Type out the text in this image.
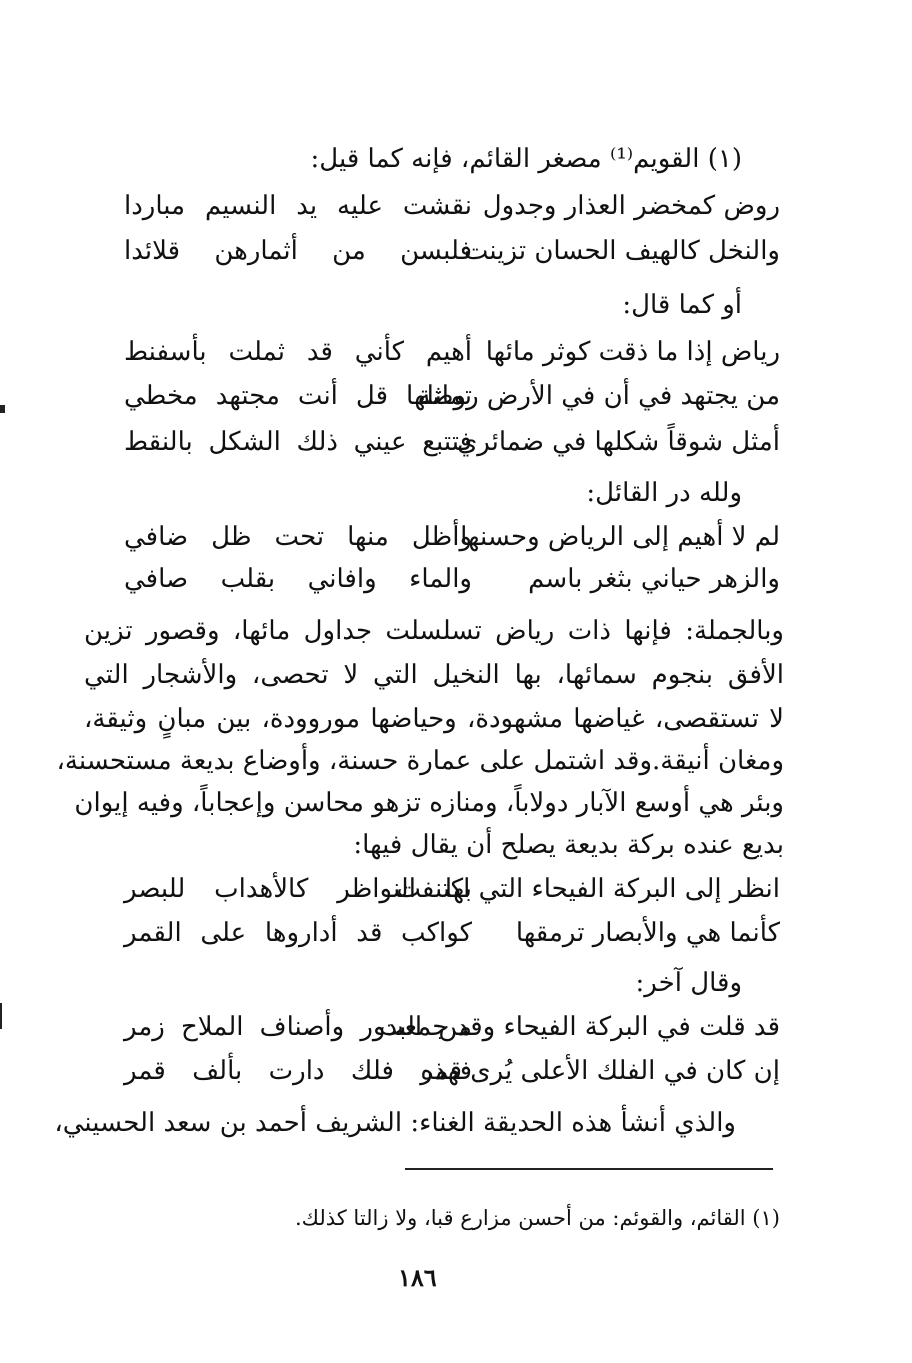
(١) القويم⁽¹⁾ مصغر القائم، فإنه كما قيل:
روض كمخضر العذار وجدول
نقشت عليه يد النسيم مباردا
والنخل كالهيف الحسان تزينت
فلبسن من أثمارهن قلائدا
أو كما قال:
رياض إذا ما ذقت كوثر مائها
أهيم كأني قد ثملت بأسفنط
من يجتهد في أن في الأرض روضة
تماثلها قل أنت مجتهد مخطي
أمثل شوقاً شكلها في ضمائري
فتتبع عيني ذلك الشكل بالنقط
ولله در القائل:
لم لا أهيم إلى الرياض وحسنها
وأظل منها تحت ظل ضافي
والزهر حياني بثغر باسم
والماء وافاني بقلب صافي
وبالجملة: فإنها ذات رياض تسلسلت جداول مائها، وقصور تزين
الأفق بنجوم سمائها، بها النخيل التي لا تحصى، والأشجار التي
لا تستقصى، غياضها مشهودة، وحياضها موروودة، بين مبانٍ وثيقة،
ومغان أنيقة.وقد اشتمل على عمارة حسنة، وأوضاع بديعة مستحسنة،
وبئر هي أوسع الآبار دولاباً، ومنازه تزهو محاسن وإعجاباً، وفيه إيوان
بديع عنده بركة بديعة يصلح أن يقال فيها:
انظر إلى البركة الفيحاء التي اكتنفت
بها النواظر كالأهداب للبصر
كأنما هي والأبصار ترمقها
كواكب قد أداروها على القمر
وقال آخر:
قد قلت في البركة الفيحاء وقد جمعت
من البدور وأصناف الملاح زمر
إن كان في الفلك الأعلى يُرى قمر
فهذه فلك دارت بألف قمر
والذي أنشأ هذه الحديقة الغناء: الشريف أحمد بن سعد الحسيني،
(١) القائم، والقوئم: من أحسن مزارع قبا، ولا زالتا كذلك.
١٨٦
